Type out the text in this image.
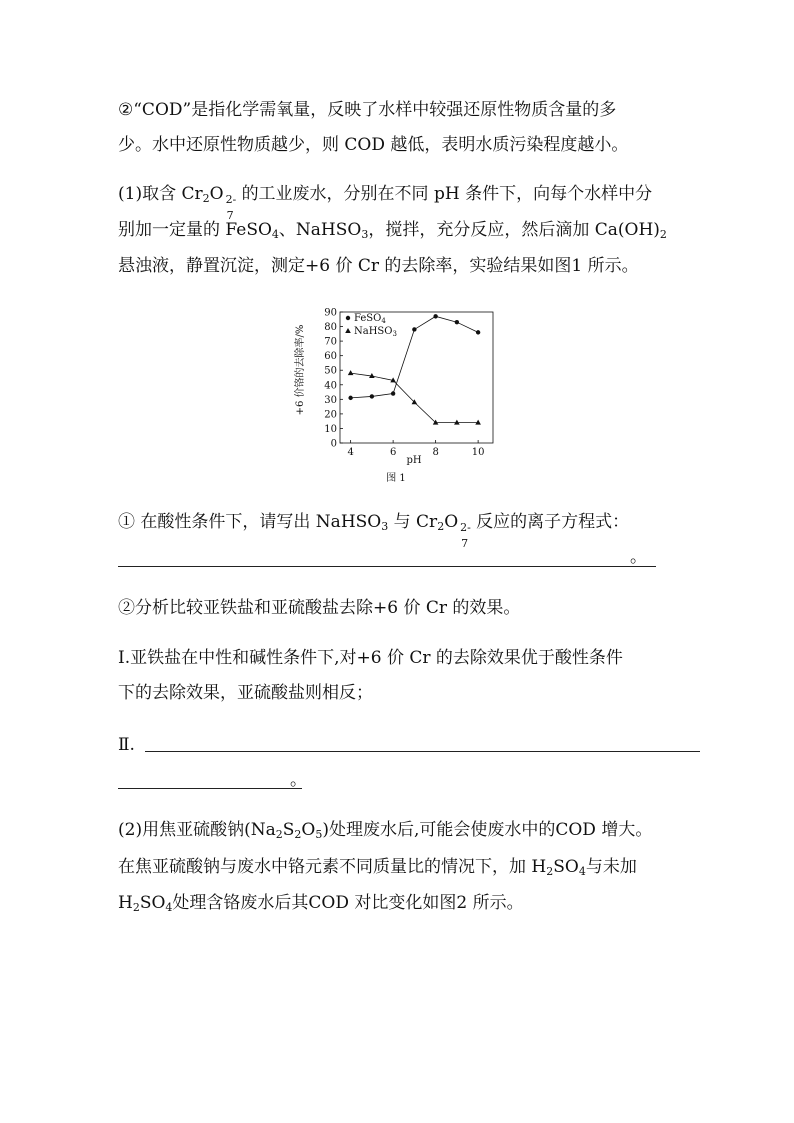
②“COD”是指化学需氧量，反映了水样中较强还原性物质含量的多
少。水中还原性物质越少，则 COD 越低，表明水质污染程度越小。
(1)取含 $Cr_2O$ 2-
7
的工业废水，分别在不同 pH 条件下，向每个水样中分
别加一定量的 FeSO$_4$、NaHSO$_3$，搅拌，充分反应，然后滴加 $Ca(OH)_2$
悬浊液，静置沉淀，测定+6 价 Cr 的去除率，实验结果如图1 所示。
0
10
20
30
40
50
60
70
80
90
4	6	8	10
FeSO$_4$
NaHSO$_3$
+6 价铬的去除率/%
pH
图 1
① 在酸性条件下，请写出 NaHSO$_3$ 与 $Cr_2O$ 2-
7
反应的离子方程式：
。
②分析比较亚铁盐和亚硫酸盐去除+6 价 Cr 的效果。
Ⅰ.亚铁盐在中性和碱性条件下,对+6 价 Cr 的去除效果优于酸性条件
下的去除效果，亚硫酸盐则相反；
Ⅱ.
。
(2)用焦亚硫酸钠$(Na_2S_2O_5)$处理废水后,可能会使废水中的COD 增大。
在焦亚硫酸钠与废水中铬元素不同质量比的情况下，加 $H_2SO_4$与未加
$H_2SO_4$处理含铬废水后其COD 对比变化如图2 所示。
